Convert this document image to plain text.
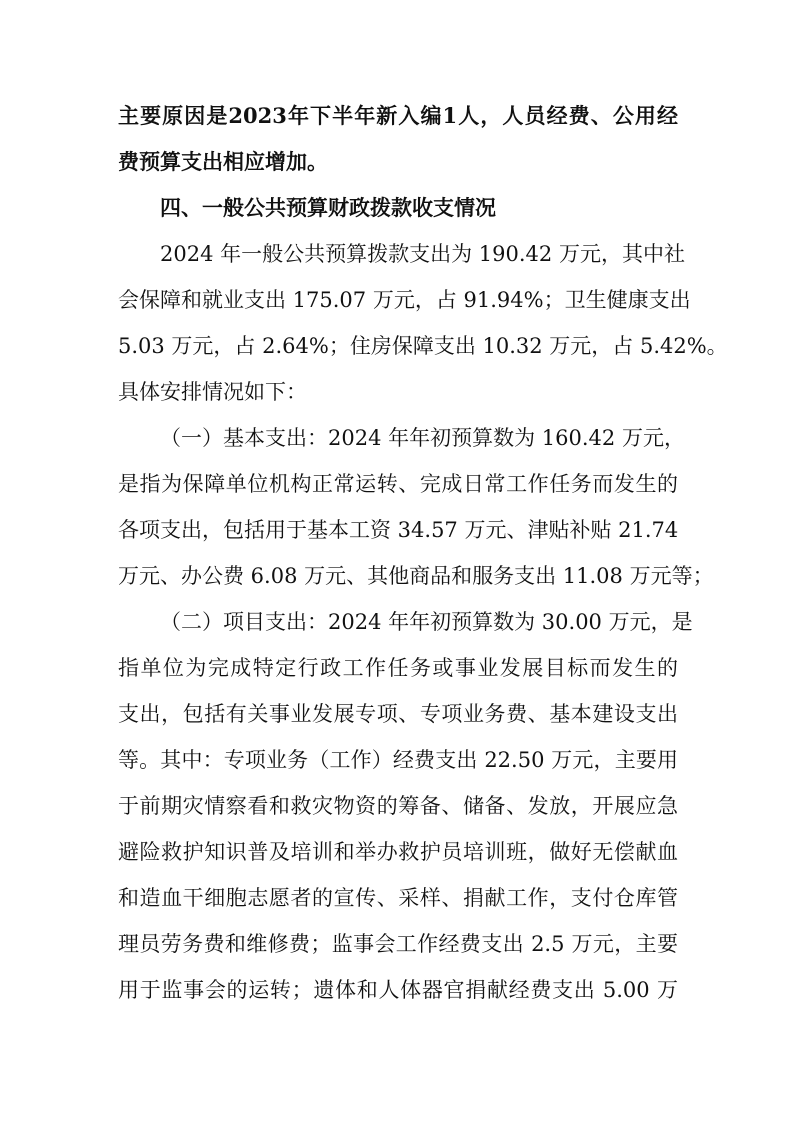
主要原因是2023年下半年新入编1人，人员经费、公用经
费预算支出相应增加。
四、一般公共预算财政拨款收支情况
2024 年一般公共预算拨款支出为 190.42 万元，其中社
会保障和就业支出 175.07 万元，占 91.94%；卫生健康支出
5.03 万元，占 2.64%；住房保障支出 10.32 万元，占 5.42%。
具体安排情况如下：
（一）基本支出：2024 年年初预算数为 160.42 万元，
是指为保障单位机构正常运转、完成日常工作任务而发生的
各项支出，包括用于基本工资 34.57 万元、津贴补贴 21.74
万元、办公费 6.08 万元、其他商品和服务支出 11.08 万元等；
（二）项目支出：2024 年年初预算数为 30.00 万元，是
指单位为完成特定行政工作任务或事业发展目标而发生的
支出，包括有关事业发展专项、专项业务费、基本建设支出
等。其中：专项业务（工作）经费支出 22.50 万元，主要用
于前期灾情察看和救灾物资的筹备、储备、发放，开展应急
避险救护知识普及培训和举办救护员培训班，做好无偿献血
和造血干细胞志愿者的宣传、采样、捐献工作，支付仓库管
理员劳务费和维修费；监事会工作经费支出 2.5 万元，主要
用于监事会的运转；遗体和人体器官捐献经费支出 5.00 万
